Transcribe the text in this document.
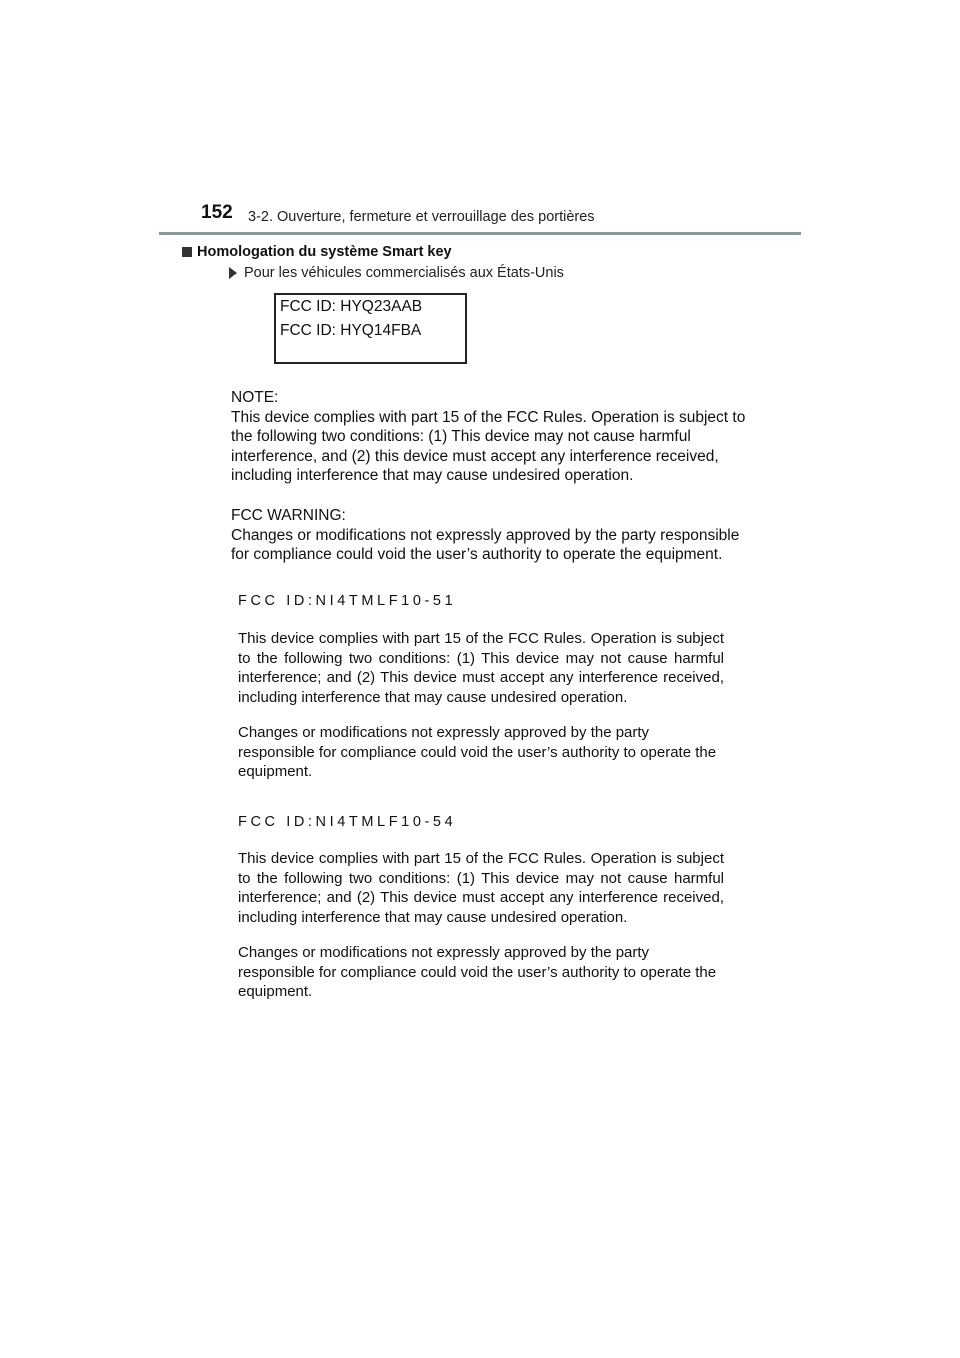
152 3-2. Ouverture, fermeture et verrouillage des portières
Homologation du système Smart key
Pour les véhicules commercialisés aux États-Unis
FCC ID: HYQ23AAB
FCC ID: HYQ14FBA
NOTE:
This device complies with part 15 of the FCC Rules. Operation is subject to the following two conditions: (1) This device may not cause harmful interference, and (2) this device must accept any interference received, including interference that may cause undesired operation.
FCC WARNING:
Changes or modifications not expressly approved by the party responsible for compliance could void the user’s authority to operate the equipment.
FCC ID:NI4TMLF10-51
This device complies with part 15 of the FCC Rules. Operation is subject to the following two conditions: (1) This device may not cause harmful interference; and (2) This device must accept any interference received, including interference that may cause undesired operation.
Changes or modifications not expressly approved by the party responsible for compliance could void the user’s authority to operate the equipment.
FCC ID:NI4TMLF10-54
This device complies with part 15 of the FCC Rules. Operation is subject to the following two conditions: (1) This device may not cause harmful interference; and (2) This device must accept any interference received, including interference that may cause undesired operation.
Changes or modifications not expressly approved by the party responsible for compliance could void the user’s authority to operate the equipment.
